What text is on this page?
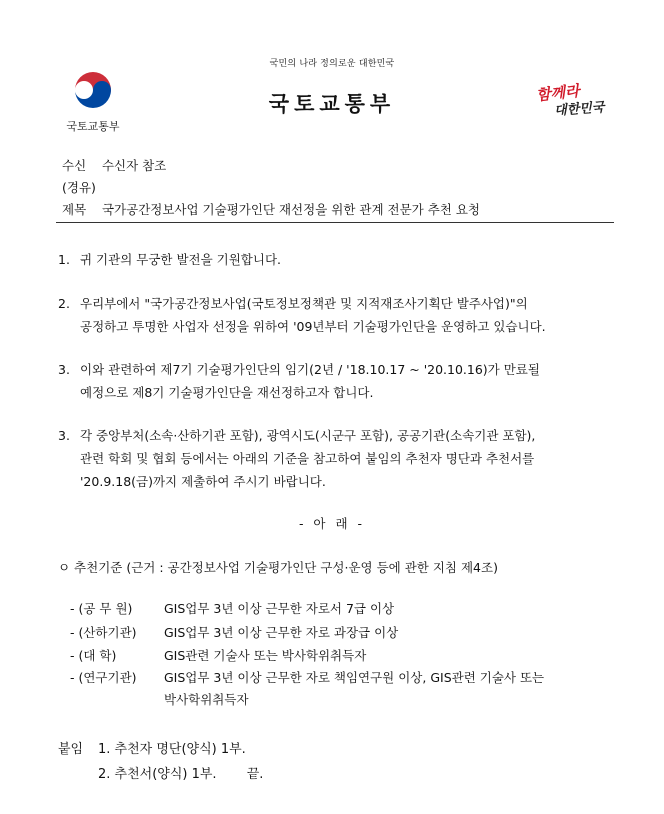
국민의 나라 정의로운 대한민국
국토교통부
국토교통부
함께라
대한민국
수신 수신자 참조
(경유)
제목 국가공간정보사업 기술평가인단 재선정을 위한 관계 전문가 추천 요청
1. 귀 기관의 무궁한 발전을 기원합니다.
2. 우리부에서 "국가공간정보사업(국토정보정책관 및 지적재조사기획단 발주사업)"의
공정하고 투명한 사업자 선정을 위하여 '09년부터 기술평가인단을 운영하고 있습니다.
3. 이와 관련하여 제7기 기술평가인단의 임기(2년 / '18.10.17 ~ '20.10.16)가 만료될
예정으로 제8기 기술평가인단을 재선정하고자 합니다.
3. 각 중앙부처(소속·산하기관 포함), 광역시도(시군구 포함), 공공기관(소속기관 포함),
관련 학회 및 협회 등에서는 아래의 기준을 참고하여 붙임의 추천자 명단과 추천서를
'20.9.18(금)까지 제출하여 주시기 바랍니다.
- 아 래 -
ㅇ 추천기준 (근거 : 공간정보사업 기술평가인단 구성·운영 등에 관한 지침 제4조)
- (공 무 원)	GIS업무 3년 이상 근무한 자로서 7급 이상
- (산하기관) GIS업무 3년 이상 근무한 자로 과장급 이상
- (대 학)	GIS관련 기술사 또는 박사학위취득자
- (연구기관) GIS업무 3년 이상 근무한 자로 책임연구원 이상, GIS관련 기술사 또는
박사학위취득자
붙임 1. 추천자 명단(양식) 1부.
2. 추천서(양식) 1부. 끝.
